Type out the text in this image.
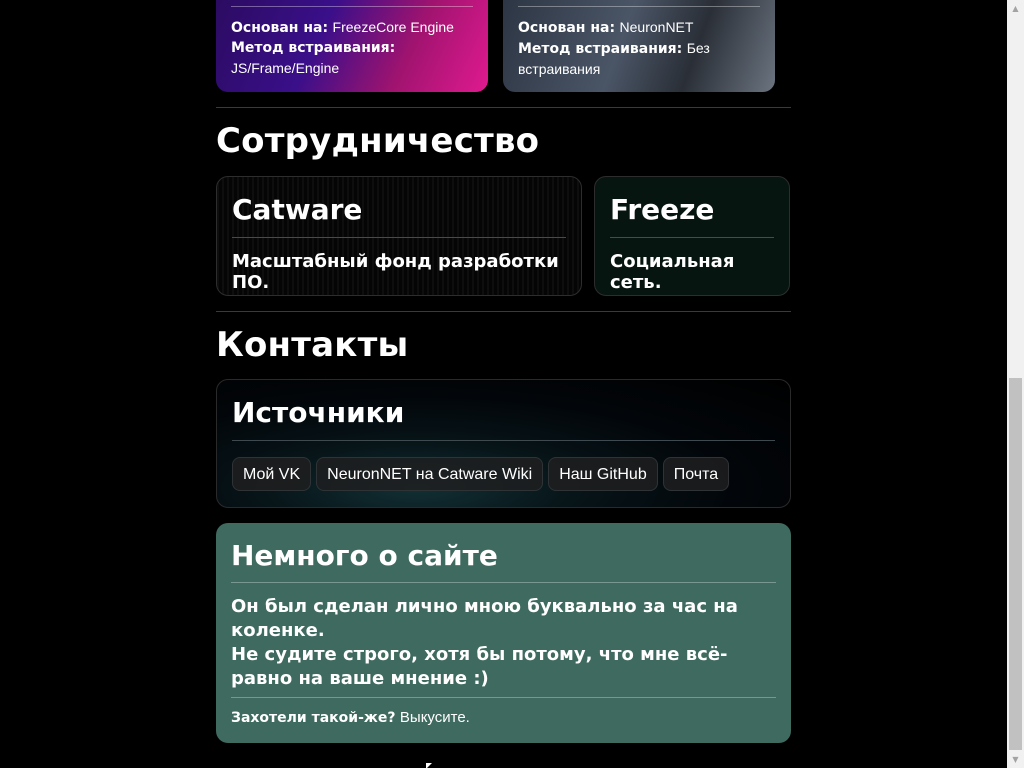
Основан на: FreezeCore Engine
Метод встраивания:
JS/Frame/Engine
Основан на: NeuronNET
Метод встраивания: Без встраивания
Сотрудничество
Catware
Масштабный фонд разработки ПО.
Freeze
Социальная сеть.
Контакты
Источники
Мой VK	NeuronNET на Catware Wiki	Наш GitHub	Почта
Немного о сайте
Он был сделан лично мною буквально за час на коленке.
Не судите строго, хотя бы потому, что мне всё-равно на ваше мнение :)
Захотели такой-же? Выкусите.
▲
▼
